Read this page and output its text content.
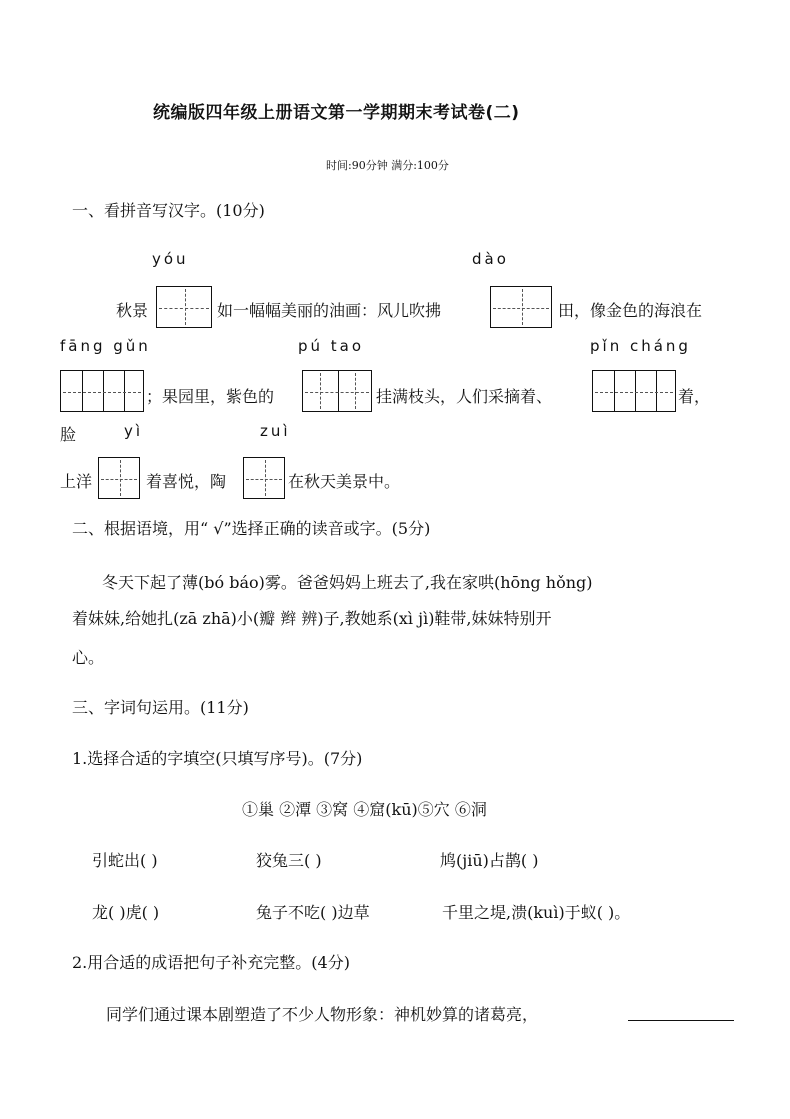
统编版四年级上册语文第一学期期末考试卷(二)
时间:90分钟 满分:100分
一、看拼音写汉字。(10分)
yóu	dào
秋景	如一幅幅美丽的油画：风儿吹拂	田，像金色的海浪在
fāng gǔn	pú tao	pǐn cháng
；果园里，紫色的	挂满枝头，人们采摘着、	着，
脸	yì	zuì
上洋	着喜悦，陶	在秋天美景中。
二、根据语境，用“ √”选择正确的读音或字。(5分)
冬天下起了薄(bó báo)雾。爸爸妈妈上班去了,我在家哄(hōng hǒng)
着妹妹,给她扎(zā zhā)小(瓣 辫 辨)子,教她系(xì jì)鞋带,妹妹特别开
心。
三、字词句运用。(11分)
1.选择合适的字填空(只填写序号)。(7分)
①巢 ②潭 ③窝 ④窟(kū)⑤穴 ⑥洞
引蛇出( )	狡兔三( )	鸠(jiū)占鹊( )
龙( )虎( )	兔子不吃( )边草	千里之堤,溃(kuì)于蚁( )。
2.用合适的成语把句子补充完整。(4分)
同学们通过课本剧塑造了不少人物形象：神机妙算的诸葛亮，
